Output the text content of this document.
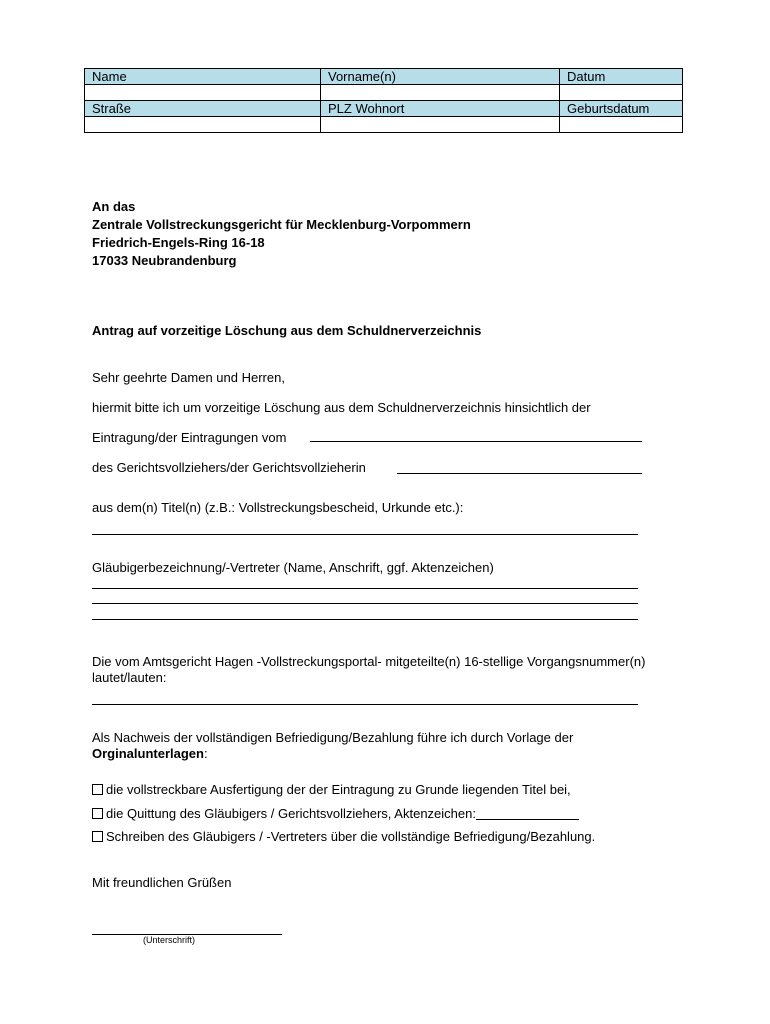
Name	Vorname(n)	Datum

Straße	PLZ Wohnort	Geburtsdatum

An das
Zentrale Vollstreckungsgericht für Mecklenburg-Vorpommern
Friedrich-Engels-Ring 16-18
17033 Neubrandenburg
Antrag auf vorzeitige Löschung aus dem Schuldnerverzeichnis
Sehr geehrte Damen und Herren,
hiermit bitte ich um vorzeitige Löschung aus dem Schuldnerverzeichnis hinsichtlich der
Eintragung/der Eintragungen vom
des Gerichtsvollziehers/der Gerichtsvollzieherin
aus dem(n) Titel(n) (z.B.: Vollstreckungsbescheid, Urkunde etc.):
Gläubigerbezeichnung/-Vertreter (Name, Anschrift, ggf. Aktenzeichen)
Die vom Amtsgericht Hagen -Vollstreckungsportal- mitgeteilte(n) 16-stellige Vorgangsnummer(n)
lautet/lauten:
Als Nachweis der vollständigen Befriedigung/Bezahlung führe ich durch Vorlage der
Orginalunterlagen:
die vollstreckbare Ausfertigung der der Eintragung zu Grunde liegenden Titel bei,
die Quittung des Gläubigers / Gerichtsvollziehers, Aktenzeichen:
Schreiben des Gläubigers / -Vertreters über die vollständige Befriedigung/Bezahlung.
Mit freundlichen Grüßen
(Unterschrift)
